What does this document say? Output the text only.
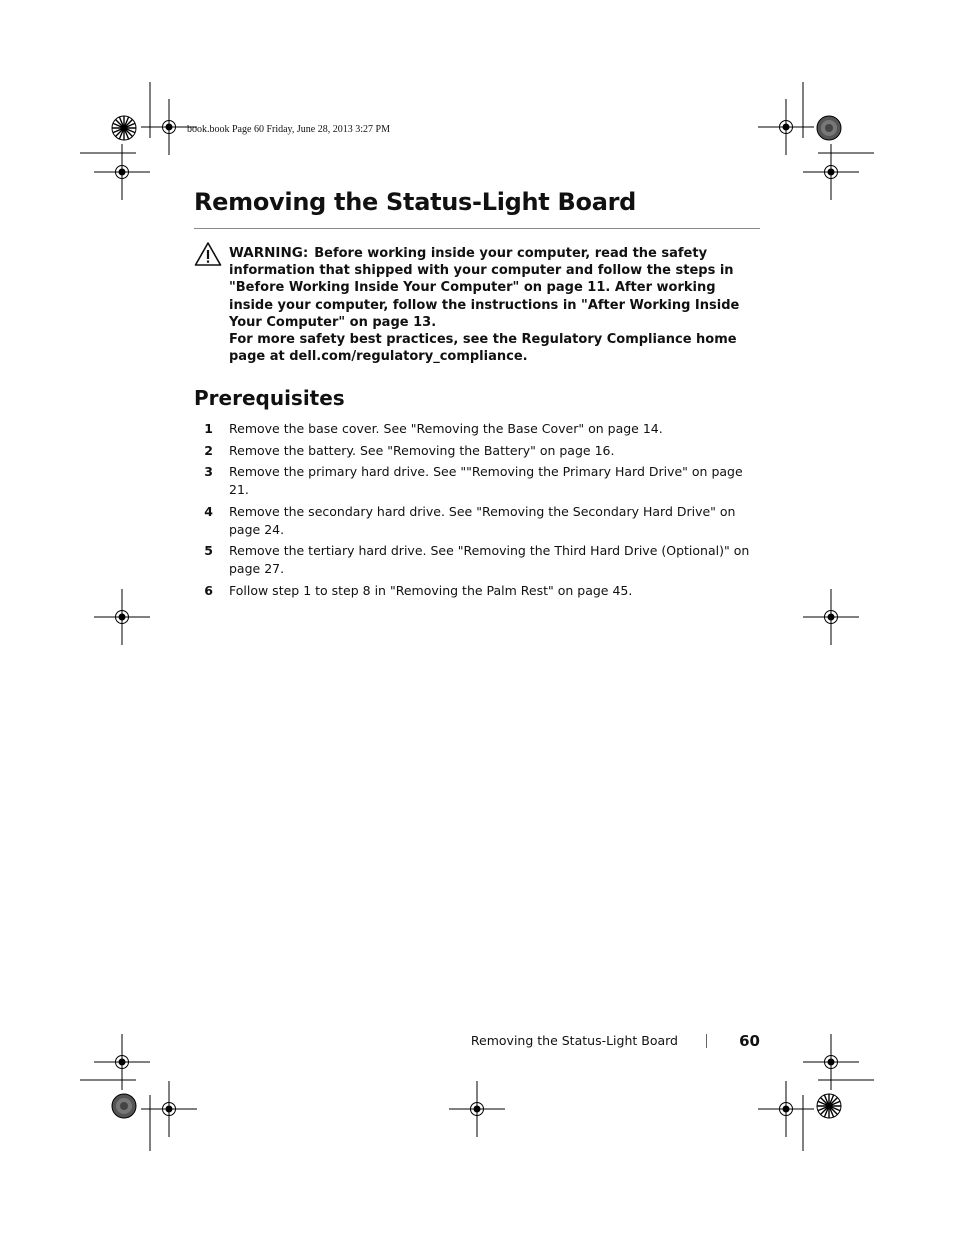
book.book Page 60 Friday, June 28, 2013 3:27 PM
Removing the Status-Light Board

WARNING: Before working inside your computer, read the safety information that shipped with your computer and follow the steps in "Before Working Inside Your Computer" on page 11. After working inside your computer, follow the instructions in "After Working Inside Your Computer" on page 13.

For more safety best practices, see the Regulatory Compliance home page at dell.com/regulatory_compliance.

Prerequisites
1 Remove the base cover. See "Removing the Base Cover" on page 14.
2 Remove the battery. See "Removing the Battery" on page 16.
3 Remove the primary hard drive. See ""Removing the Primary Hard Drive" on page 21.
4 Remove the secondary hard drive. See "Removing the Secondary Hard Drive" on page 24.
5 Remove the tertiary hard drive. See "Removing the Third Hard Drive (Optional)" on page 27.
6 Follow step 1 to step 8 in "Removing the Palm Rest" on page 45.
Removing the Status-Light Board	60
